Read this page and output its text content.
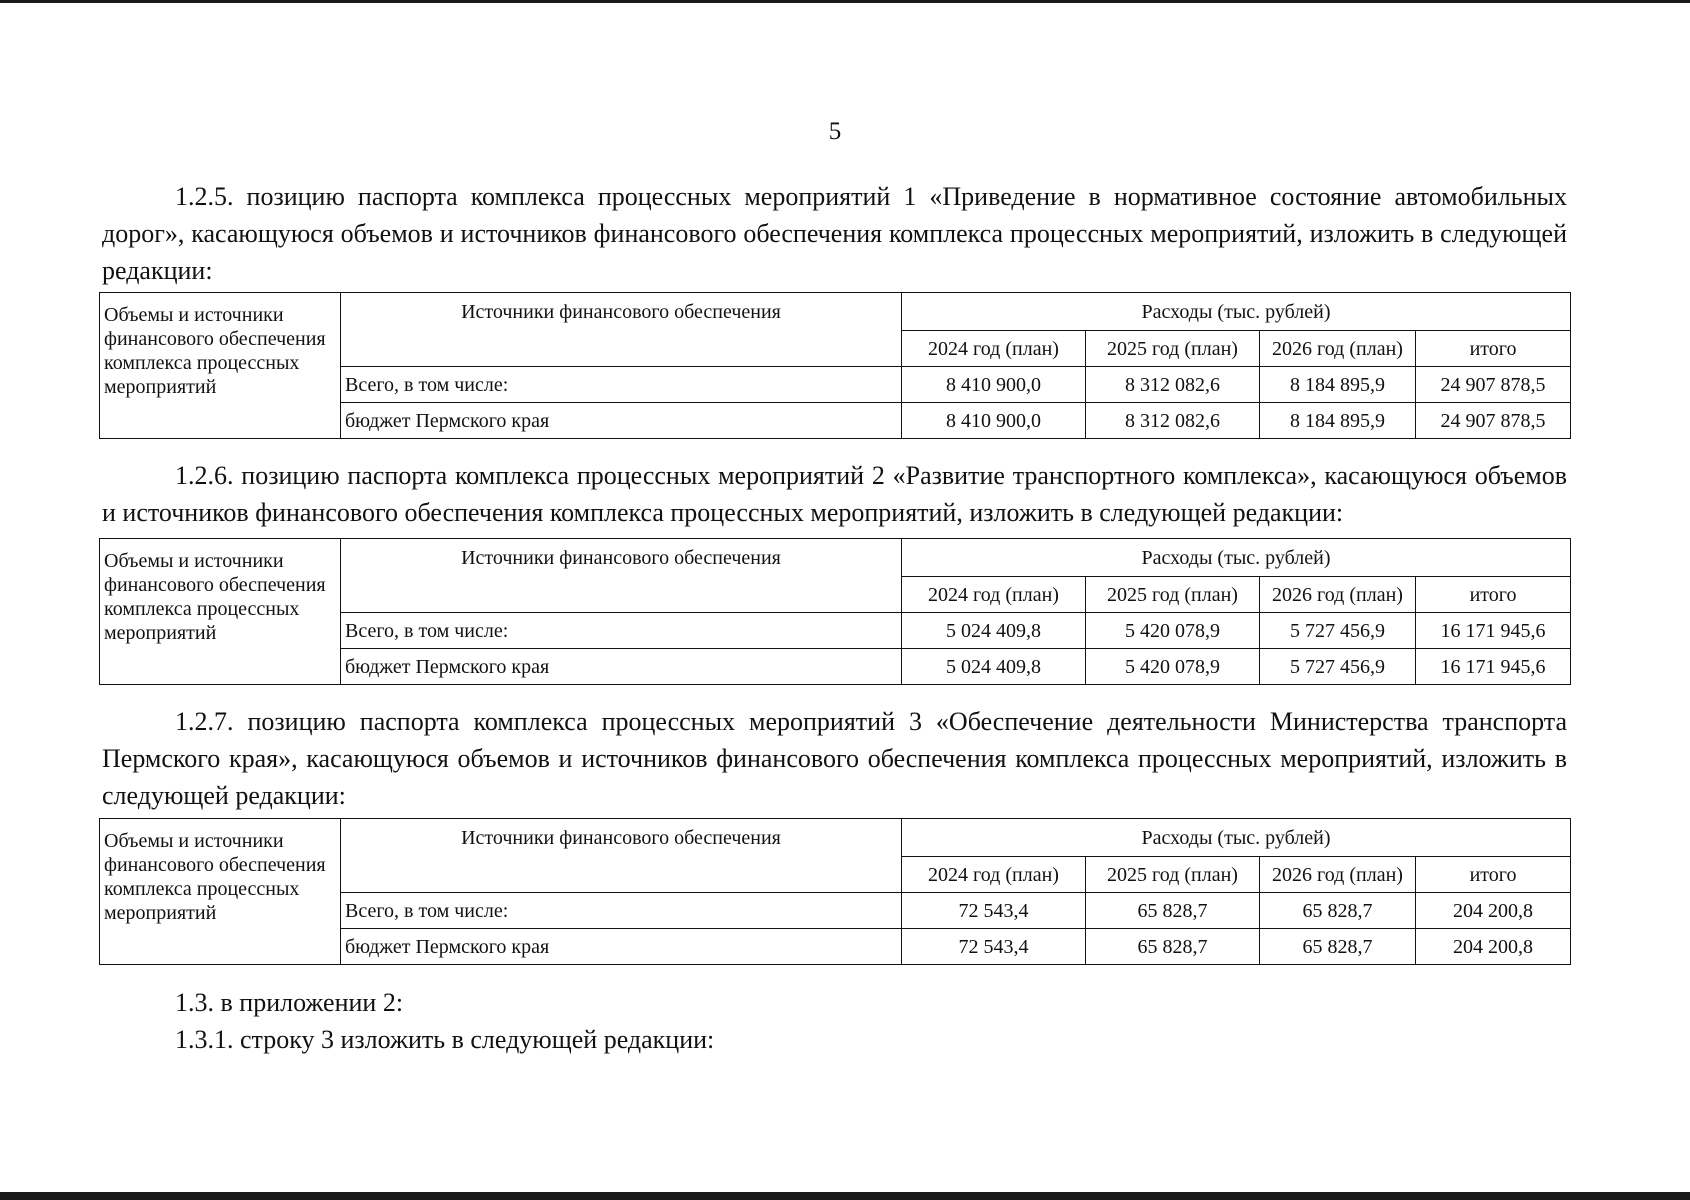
5

1.2.5. позицию паспорта комплекса процессных мероприятий 1 «Приведение в нормативное состояние автомобильных дорог», касающуюся объемов и источников финансового обеспечения комплекса процессных мероприятий, изложить в следующей редакции:

Объемы и источники финансового обеспечения комплекса процессных мероприятий	Источники финансового обеспечения	Расходы (тыс. рублей)			
		2024 год (план)	2025 год (план)	2026 год (план)	итого
	Всего, в том числе:	8 410 900,0	8 312 082,6	8 184 895,9	24 907 878,5
	бюджет Пермского края	8 410 900,0	8 312 082,6	8 184 895,9	24 907 878,5

1.2.6. позицию паспорта комплекса процессных мероприятий 2 «Развитие транспортного комплекса», касающуюся объемов и источников финансового обеспечения комплекса процессных мероприятий, изложить в следующей редакции:

Объемы и источники финансового обеспечения комплекса процессных мероприятий	Источники финансового обеспечения	Расходы (тыс. рублей)			
		2024 год (план)	2025 год (план)	2026 год (план)	итого
	Всего, в том числе:	5 024 409,8	5 420 078,9	5 727 456,9	16 171 945,6
	бюджет Пермского края	5 024 409,8	5 420 078,9	5 727 456,9	16 171 945,6

1.2.7. позицию паспорта комплекса процессных мероприятий 3 «Обеспечение деятельности Министерства транспорта Пермского края», касающуюся объемов и источников финансового обеспечения комплекса процессных мероприятий, изложить в следующей редакции:

Объемы и источники финансового обеспечения комплекса процессных мероприятий	Источники финансового обеспечения	Расходы (тыс. рублей)			
		2024 год (план)	2025 год (план)	2026 год (план)	итого
	Всего, в том числе:	72 543,4	65 828,7	65 828,7	204 200,8
	бюджет Пермского края	72 543,4	65 828,7	65 828,7	204 200,8

1.3. в приложении 2:

1.3.1. строку 3 изложить в следующей редакции:
